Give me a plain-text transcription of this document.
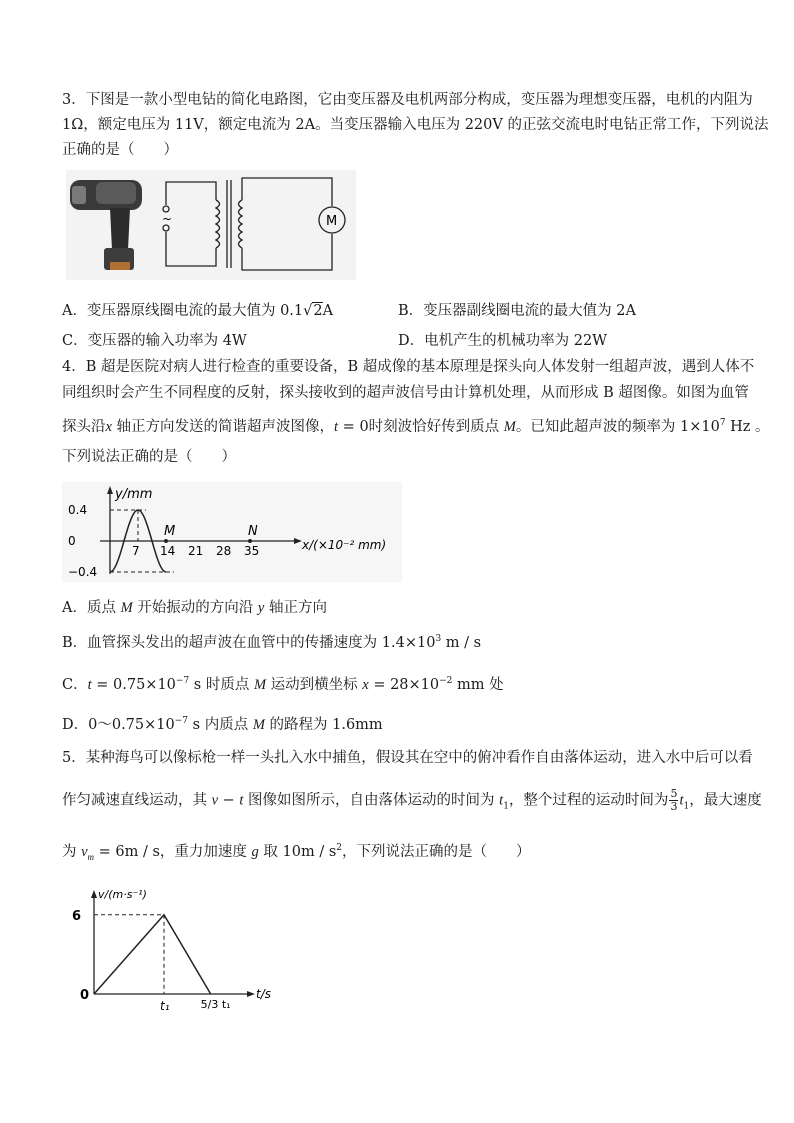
3．下图是一款小型电钻的简化电路图，它由变压器及电机两部分构成，变压器为理想变压器，电机的内阻为
1Ω，额定电压为 11V，额定电流为 2A。当变压器输入电压为 220V 的正弦交流电时电钻正常工作，下列说法
正确的是（　　）
~	M
A．变压器原线圈电流的最大值为 0.1√2A	B．变压器副线圈电流的最大值为 2A
C．变压器的输入功率为 4W	D．电机产生的机械功率为 22W
4．B 超是医院对病人进行检查的重要设备，B 超成像的基本原理是探头向人体发射一组超声波，遇到人体不
同组织时会产生不同程度的反射，探头接收到的超声波信号由计算机处理，从而形成 B 超图像。如图为血管
探头沿x 轴正方向发送的简谐超声波图像，t = 0时刻波恰好传到质点 M。已知此超声波的频率为 $1\times 10^7$ Hz 。
下列说法正确的是（　　）
y/mm
x/(×10⁻² mm)
7 14 21 28 35
0.4
0
−0.4
M	N
A．质点 M 开始振动的方向沿 y 轴正方向
B．血管探头发出的超声波在血管中的传播速度为 $1.4\times 10^3$ m / s
C．$t = 0.75\times 10^{-7}$ s 时质点 M 运动到横坐标 $x = 28\times 10^{-2}$ mm 处
D．$0\sim 0.75\times 10^{-7}$ s 内质点 M 的路程为 1.6mm
5．某种海鸟可以像标枪一样一头扎入水中捕鱼，假设其在空中的俯冲看作自由落体运动，进入水中后可以看
作匀减速直线运动，其 v − t 图像如图所示，自由落体运动的时间为 $t_1$，整个过程的运动时间为 $\frac{5}{3} t_1$，最大速度
为 $v_m = 6m / s$，重力加速度 g 取 $10m / s^2$，下列说法正确的是（　　）
v/(m·s⁻¹)
t/s
6
0
t₁	5/3 t₁
